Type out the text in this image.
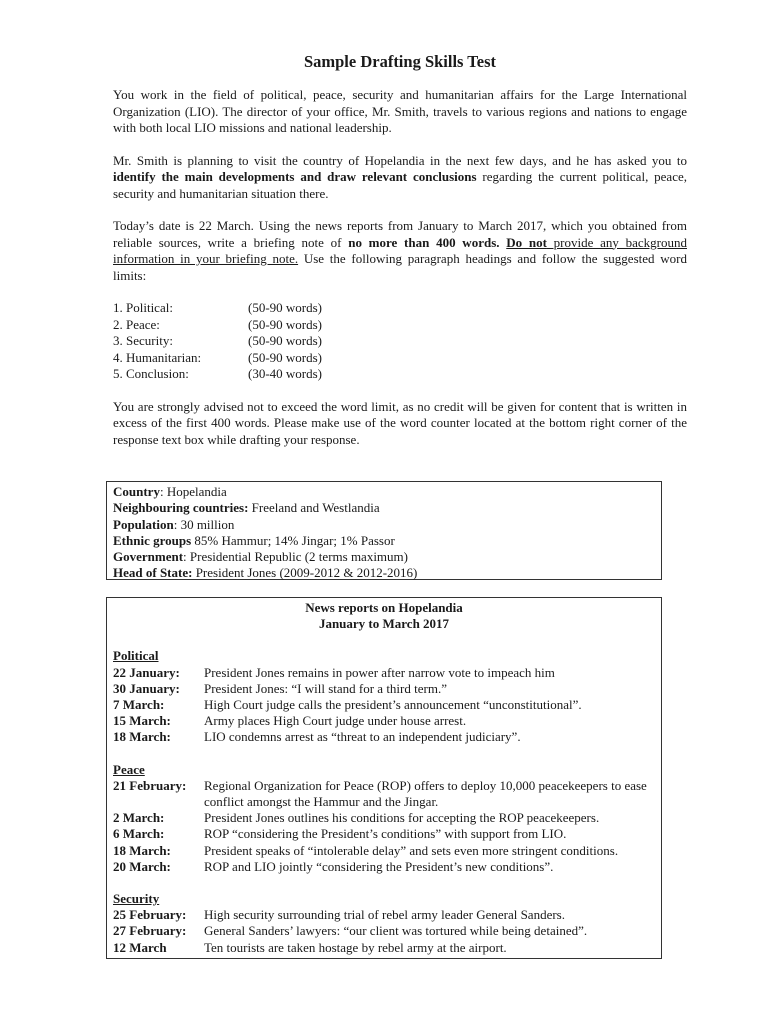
Sample Drafting Skills Test

You work in the field of political, peace, security and humanitarian affairs for the Large International Organization (LIO). The director of your office, Mr. Smith, travels to various regions and nations to engage with both local LIO missions and national leadership.

Mr. Smith is planning to visit the country of Hopelandia in the next few days, and he has asked you to identify the main developments and draw relevant conclusions regarding the current political, peace, security and humanitarian situation there.

Today’s date is 22 March. Using the news reports from January to March 2017, which you obtained from reliable sources, write a briefing note of no more than 400 words. Do not provide any background information in your briefing note. Use the following paragraph headings and follow the suggested word limits:

1. Political:	(50-90 words)
2. Peace:	(50-90 words)
3. Security:	(50-90 words)
4. Humanitarian:	(50-90 words)
5. Conclusion:	(30-40 words)

You are strongly advised not to exceed the word limit, as no credit will be given for content that is written in excess of the first 400 words. Please make use of the word counter located at the bottom right corner of the response text box while drafting your response.

Country: Hopelandia
Neighbouring countries: Freeland and Westlandia
Population: 30 million
Ethnic groups 85% Hammur; 14% Jingar; 1% Passor
Government: Presidential Republic (2 terms maximum)
Head of State: President Jones (2009-2012 & 2012-2016)
News reports on Hopelandia
January to March 2017
Political
22 January:	President Jones remains in power after narrow vote to impeach him
30 January:	President Jones: “I will stand for a third term.”
7 March:	High Court judge calls the president’s announcement “unconstitutional”.
15 March:	Army places High Court judge under house arrest.
18 March:	LIO condemns arrest as “threat to an independent judiciary”.
Peace
21 February:	Regional Organization for Peace (ROP) offers to deploy 10,000 peacekeepers to ease conflict amongst the Hammur and the Jingar.
2 March:	President Jones outlines his conditions for accepting the ROP peacekeepers.
6 March:	ROP “considering the President’s conditions” with support from LIO.
18 March:	President speaks of “intolerable delay” and sets even more stringent conditions.
20 March:	ROP and LIO jointly “considering the President’s new conditions”.
Security
25 February:	High security surrounding trial of rebel army leader General Sanders.
27 February:	General Sanders’ lawyers: “our client was tortured while being detained”.
12 March	Ten tourists are taken hostage by rebel army at the airport.
